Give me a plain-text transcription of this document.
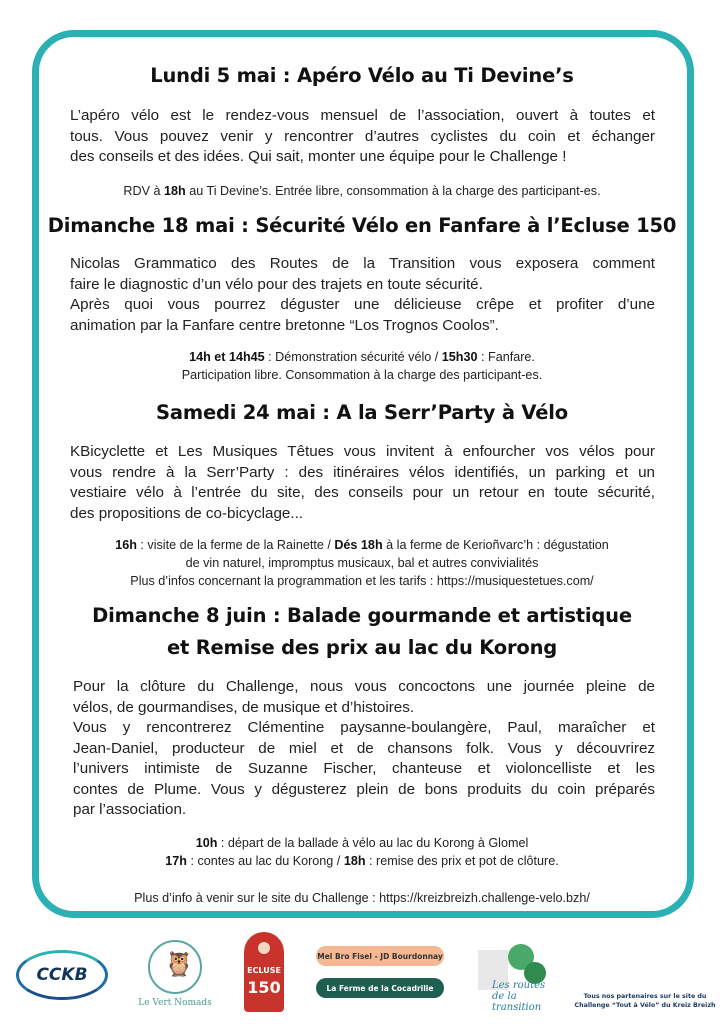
Lundi 5 mai : Apéro Vélo au Ti Devine’s
L’apéro vélo est le rendez-vous mensuel de l’association, ouvert à toutes et
tous. Vous pouvez venir y rencontrer d’autres cyclistes du coin et échanger
des conseils et des idées. Qui sait, monter une équipe pour le Challenge !
RDV à 18h au Ti Devine’s. Entrée libre, consommation à la charge des participant-es.
Dimanche 18 mai : Sécurité Vélo en Fanfare à l’Ecluse 150
Nicolas Grammatico des Routes de la Transition vous exposera comment
faire le diagnostic d’un vélo pour des trajets en toute sécurité.
Après quoi vous pourrez déguster une délicieuse crêpe et profiter d’une
animation par la Fanfare centre bretonne “Los Trognos Coolos”.
14h et 14h45 : Démonstration sécurité vélo / 15h30 : Fanfare.
Participation libre. Consommation à la charge des participant-es.
Samedi 24 mai : A la Serr’Party à Vélo
KBicyclette et Les Musiques Têtues vous invitent à enfourcher vos vélos pour
vous rendre à la Serr’Party : des itinéraires vélos identifiés, un parking et un
vestiaire vélo à l’entrée du site, des conseils pour un retour en toute sécurité,
des propositions de co-bicyclage...
16h : visite de la ferme de la Rainette / Dés 18h à la ferme de Kerioñvarc’h : dégustation
de vin naturel, impromptus musicaux, bal et autres convivialités
Plus d’infos concernant la programmation et les tarifs : https://musiquestetues.com/
Dimanche 8 juin : Balade gourmande et artistique
et Remise des prix au lac du Korong
Pour la clôture du Challenge, nous vous concoctons une journée pleine de
vélos, de gourmandises, de musique et d’histoires.
Vous y rencontrerez Clémentine paysanne-boulangère, Paul, maraîcher et
Jean-Daniel, producteur de miel et de chansons folk. Vous y découvrirez
l’univers intimiste de Suzanne Fischer, chanteuse et violoncelliste et les
contes de Plume. Vous y dégusterez plein de bons produits du coin préparés
par l’association.
10h : départ de la ballade à vélo au lac du Korong à Glomel
17h : contes au lac du Korong / 18h : remise des prix et pot de clôture.
Plus d’info à venir sur le site du Challenge : https://kreizbreizh.challenge-velo.bzh/
CCKB	🦉
Le Vert Nomads
ECLUSE
150
Mel Bro Fisel - JD Bourdonnay
La Ferme de la Cocadrille	Les routes de la transition
Tous nos partenaires sur le site du
Challenge “Tout à Vélo” du Kreiz Breizh
